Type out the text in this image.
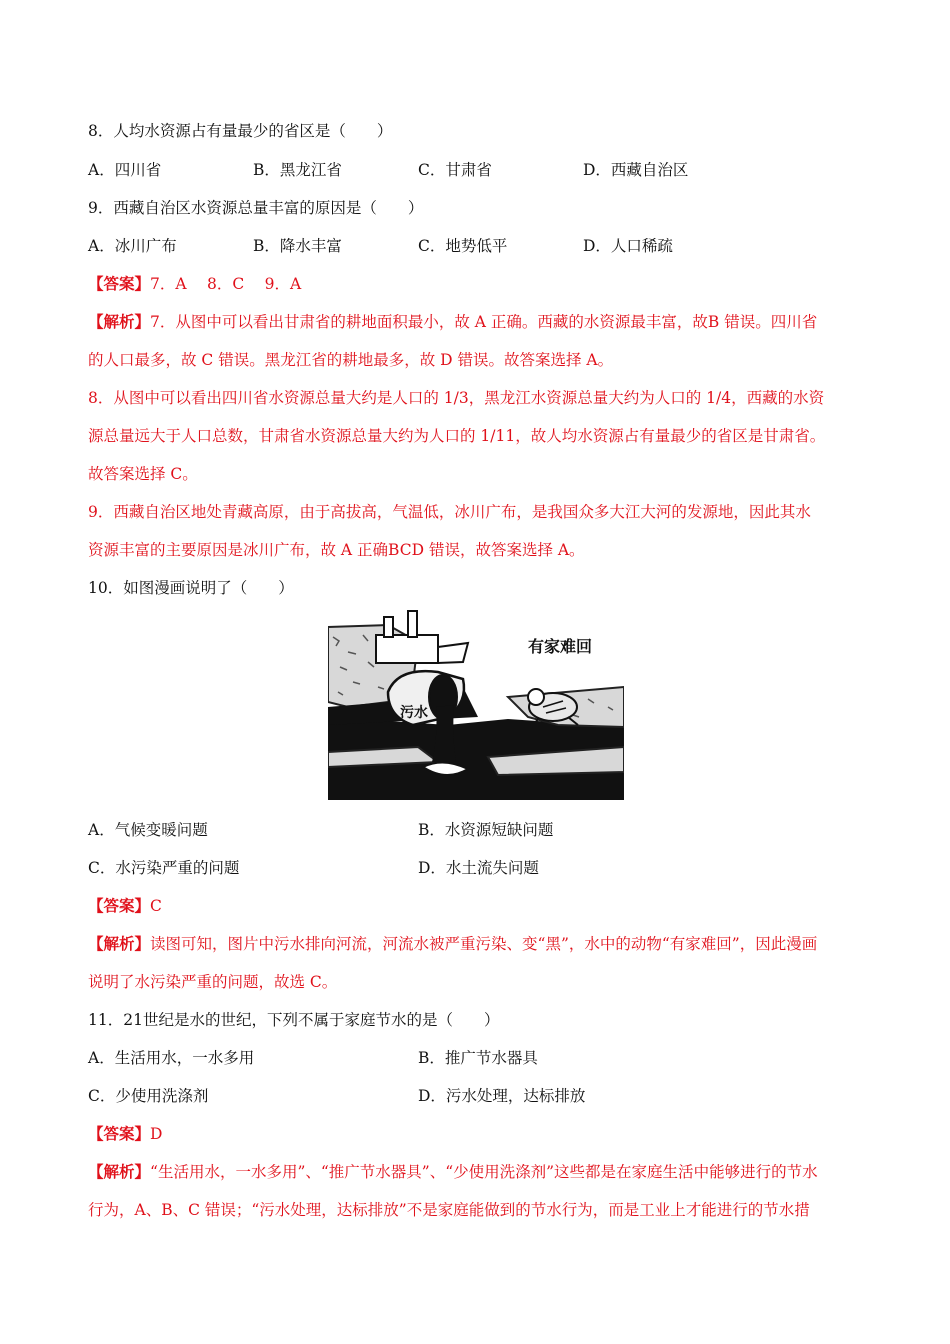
8．人均水资源占有量最少的省区是（　　）
A．四川省	B．黑龙江省	C．甘肃省	D．西藏自治区
9．西藏自治区水资源总量丰富的原因是（　　）
A．冰川广布	B．降水丰富	C．地势低平	D．人口稀疏
【答案】7．A　 8．C　 9．A
【解析】7．从图中可以看出甘肃省的耕地面积最小，故 A 正确。西藏的水资源最丰富，故B 错误。四川省
的人口最多，故 C 错误。黑龙江省的耕地最多，故 D 错误。故答案选择 A。
8．从图中可以看出四川省水资源总量大约是人口的 1/3，黑龙江水资源总量大约为人口的 1/4，西藏的水资
源总量远大于人口总数，甘肃省水资源总量大约为人口的 1/11，故人均水资源占有量最少的省区是甘肃省。
故答案选择 C。
9．西藏自治区地处青藏高原，由于高拔高，气温低，冰川广布，是我国众多大江大河的发源地，因此其水
资源丰富的主要原因是冰川广布，故 A 正确BCD 错误，故答案选择 A。
10．如图漫画说明了（　　）
污水
有家难回
A．气候变暖问题	B．水资源短缺问题
C．水污染严重的问题	D．水土流失问题
【答案】C
【解析】读图可知，图片中污水排向河流，河流水被严重污染、变“黑”，水中的动物“有家难回”，因此漫画
说明了水污染严重的问题，故选 C。
11．21世纪是水的世纪，下列不属于家庭节水的是（　　）
A．生活用水，一水多用	B．推广节水器具
C．少使用洗涤剂	D．污水处理，达标排放
【答案】D
【解析】“生活用水，一水多用”、“推广节水器具”、“少使用洗涤剂”这些都是在家庭生活中能够进行的节水
行为，A、B、C 错误；“污水处理，达标排放”不是家庭能做到的节水行为，而是工业上才能进行的节水措
